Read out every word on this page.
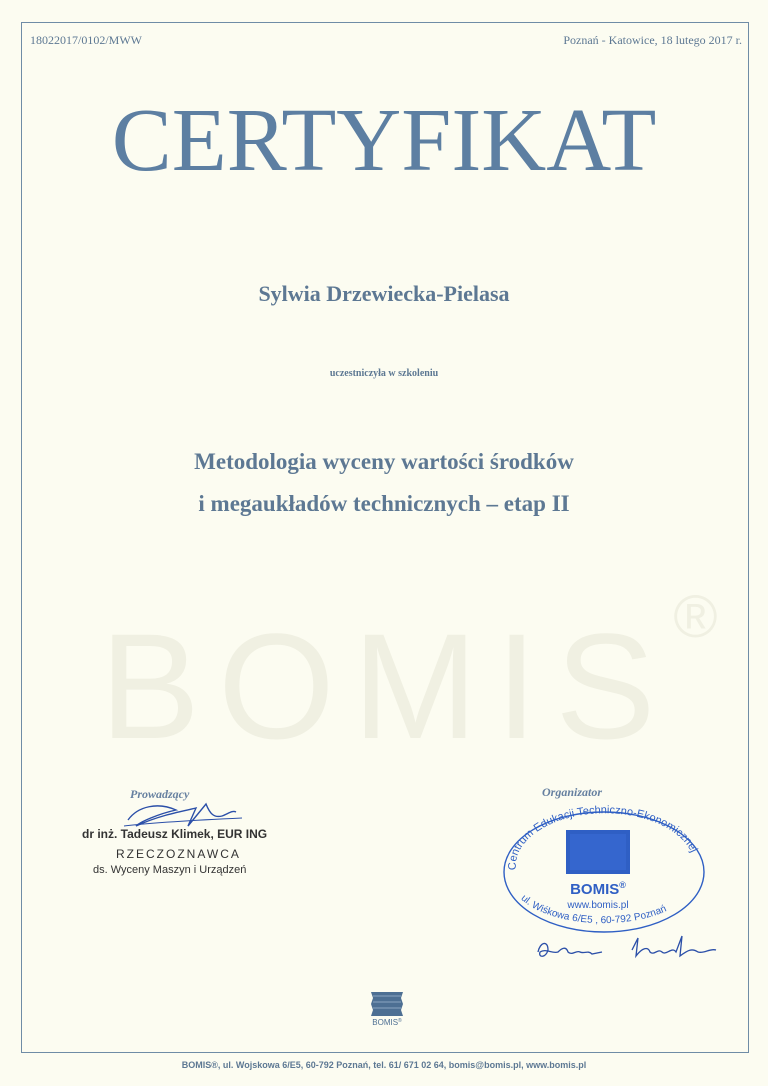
18022017/0102/MWW	Poznań - Katowice, 18 lutego 2017 r.
CERTYFIKAT
BOMIS®
Sylwia Drzewiecka-Pielasa
uczestniczyła w szkoleniu
Metodologia wyceny wartości środków
i megaukładów technicznych – etap II
Prowadzący
dr inż. Tadeusz Klimek, EUR ING
RZECZOZNAWCA
ds. Wyceny Maszyn i Urządzeń
Organizator
Centrum Edukacji Techniczno-Ekonomicznej
BOMIS®
www.bomis.pl
ul. Wiśkowa 6/E5 , 60-792 Poznań
BOMIS®
BOMIS®, ul. Wojskowa 6/E5, 60-792 Poznań, tel. 61/ 671 02 64, bomis@bomis.pl, www.bomis.pl
